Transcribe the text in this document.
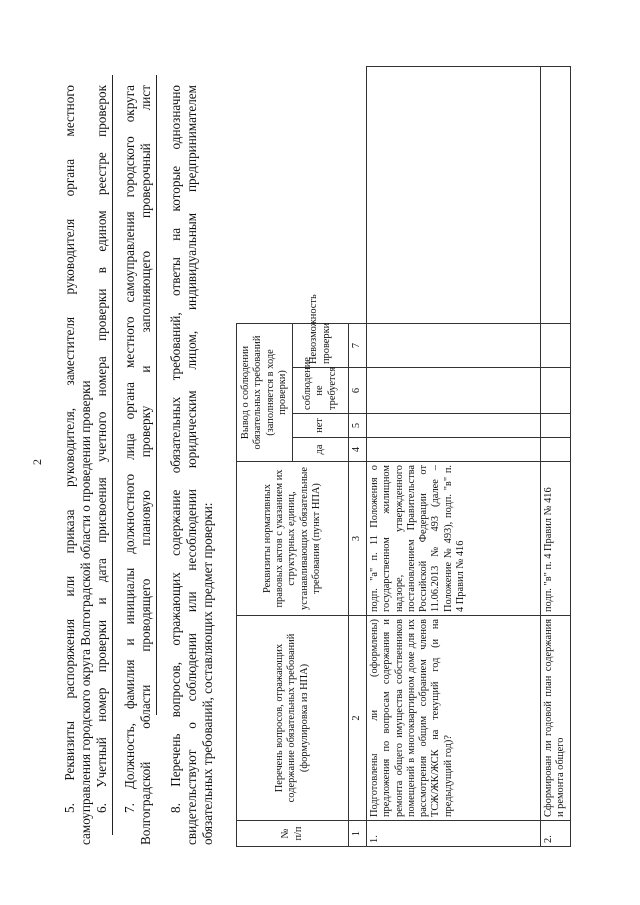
2 5. Реквизиты распоряжения или приказа руководителя, заместителя руководителя органа местного самоуправления городского округа Волгоградской области о проведении проверки 6. Учетный номер проверки и дата присвоения учетного номера проверки в едином реестре проверок 7. Должность, фамилия и инициалы должностного лица органа местного самоуправления городского округа Волгоградской области проводящего плановую проверку и заполняющего проверочный лист 8. Перечень вопросов, отражающих содержание обязательных требований, ответы на которые однозначно свидетельствуют о соблюдении или несоблюдении юридическим лицом, индивидуальным предпринимателем обязательных требований, составляющих предмет проверки:	№ п/п	Перечень вопросов, отражающих содержание обязательных требований (формулировка из НПА)	Реквизиты нормативных правовых актов с указанием их структурных единиц, устанавливающих обязательные требования (пункт НПА)	Вывод о соблюдении обязательных требований (заполняется в ходе проверки)				
			да	нет	соблюдение не требуется	Невозможность проверки	
1	2	3	4	5	6	7	
1.	Подготовлены ли (оформлены) предложения по вопросам содержания и ремонта общего имущества собственников помещений в многоквартирном доме для их рассмотрения общим собранием членов ТСЖ/ЖК/ЖСК на текущий год (и на предыдущий год)?	подп. "а" п. 11 Положения о государственном жилищном надзоре, утвержденного постановлением Правительства Российской Федерации от 11.06.2013 № 493 (далее – Положение № 493), подп. "в" п. 4 Правил № 416					
2.	Сформирован ли годовой план содержания и ремонта общего	подп. "в" п. 4 Правил № 416					
